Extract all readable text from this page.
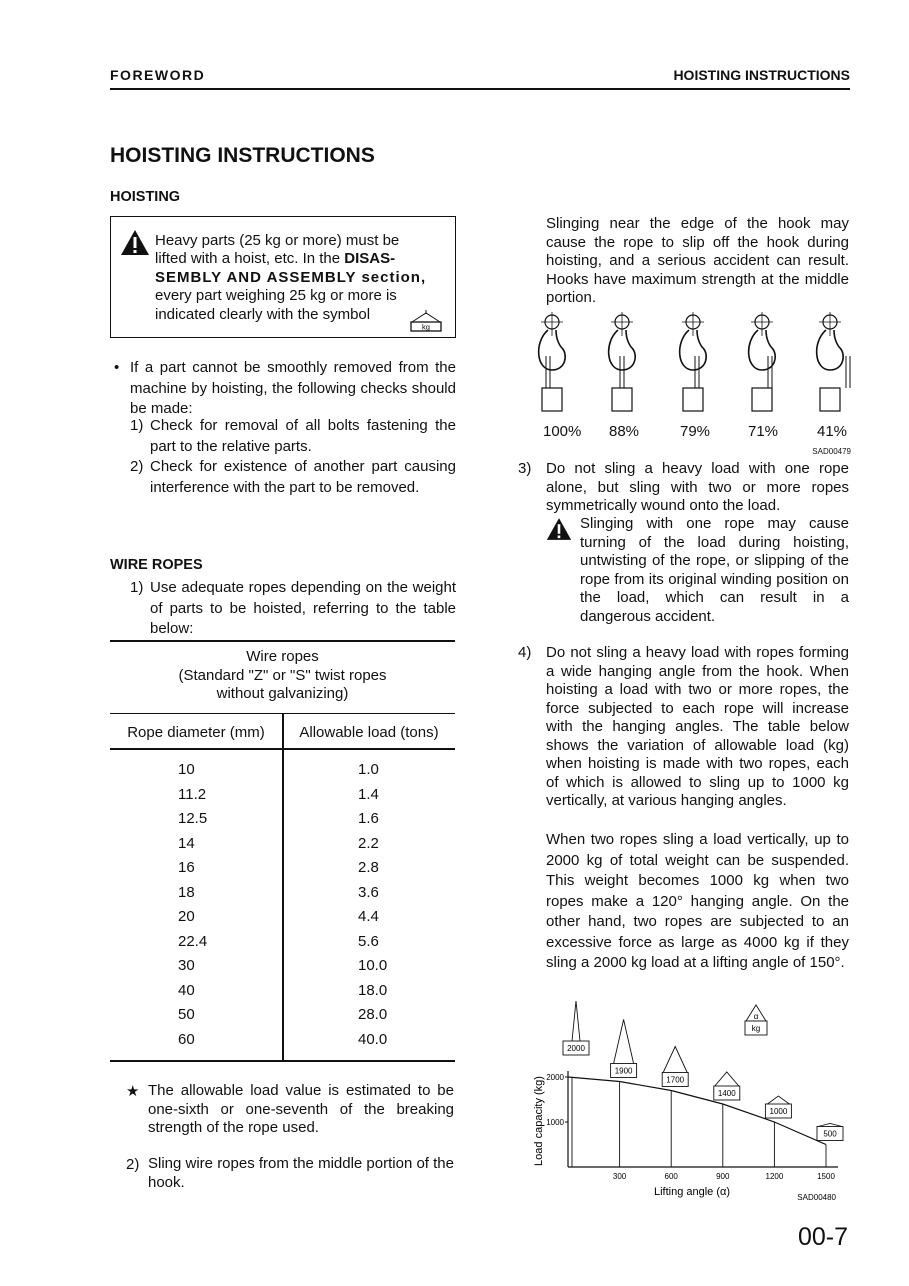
FOREWORD	HOISTING INSTRUCTIONS
HOISTING INSTRUCTIONS
HOISTING
Heavy parts (25 kg or more) must be
lifted with a hoist, etc. In the DISAS-
SEMBLY AND ASSEMBLY section,
every part weighing 25 kg or more is
indicated clearly with the symbol
kg
• If a part cannot be smoothly removed from the machine by hoisting, the following checks should be made:
1) Check for removal of all bolts fastening the part to the relative parts.
2) Check for existence of another part causing interference with the part to be removed.
WIRE ROPES
1) Use adequate ropes depending on the weight of parts to be hoisted, referring to the table below:
Wire ropes
(Standard "Z" or "S" twist ropes
without galvanizing)
Rope diameter (mm)	Allowable load (tons)
10	1.0
11.2	1.4
12.5	1.6
14	2.2
16	2.8
18	3.6
20	4.4
22.4	5.6
30	10.0
40	18.0
50	28.0
60	40.0
★ The allowable load value is estimated to be one-sixth or one-seventh of the breaking strength of the rope used.
2) Sling wire ropes from the middle portion of the hook.
Slinging near the edge of the hook may cause the rope to slip off the hook during hoisting, and a serious accident can result. Hooks have maximum strength at the middle portion.
100% 88%	79%	71%	41%
SAD00479
3) Do not sling a heavy load with one rope alone, but sling with two or more ropes symmetrically wound onto the load.
Slinging with one rope may cause turning of the load during hoisting, untwisting of the rope, or slipping of the rope from its original winding position on the load, which can result in a dangerous accident.
4) Do not sling a heavy load with ropes forming a wide hanging angle from the hook. When hoisting a load with two or more ropes, the force subjected to each rope will increase with the hanging angles. The table below shows the variation of allowable load (kg) when hoisting is made with two ropes, each of which is allowed to sling up to 1000 kg vertically, at various hanging angles.
When two ropes sling a load vertically, up to 2000 kg of total weight can be suspended. This weight becomes 1000 kg when two ropes make a 120° hanging angle. On the other hand, two ropes are subjected to an excessive force as large as 4000 kg if they sling a 2000 kg load at a lifting angle of 150°.
2000
1900
1700
1400
1000
500
α
kg
2000
1000
300	600	900	1200	1500
Lifting angle (α)
Load capacity (kg)
SAD00480
00-7
